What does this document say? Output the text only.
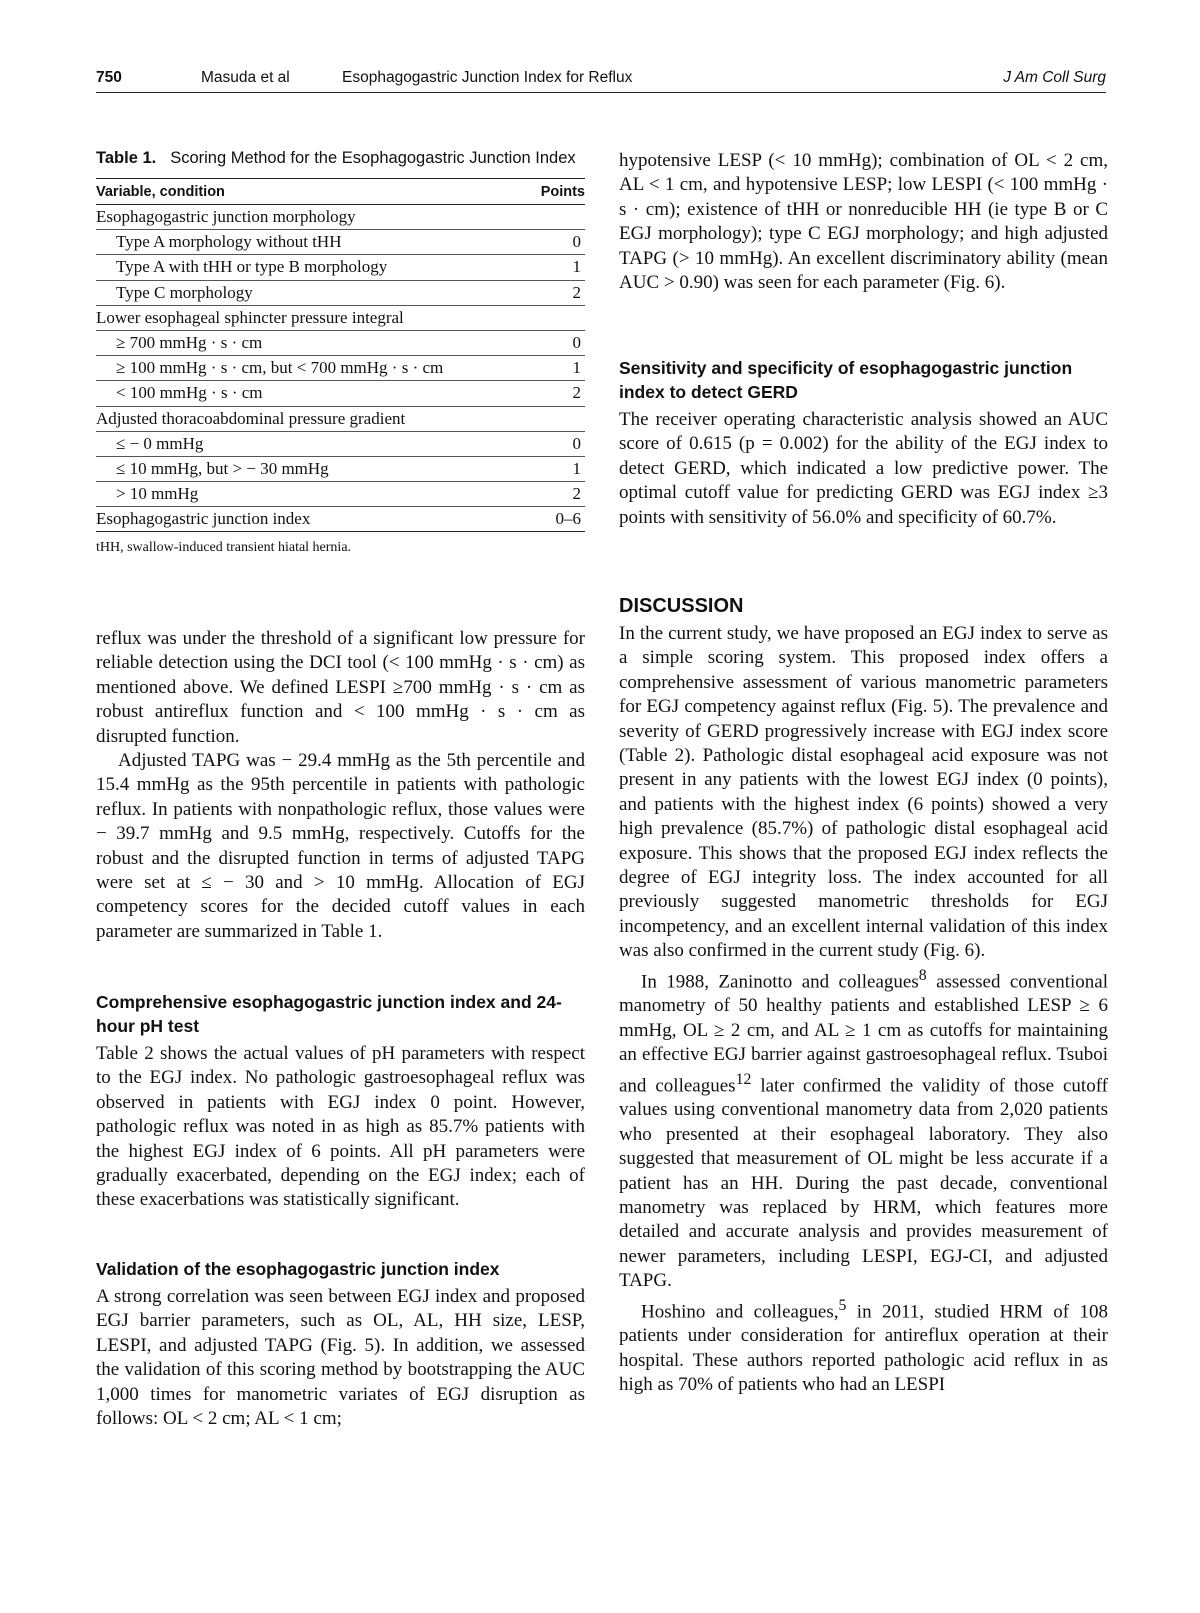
750	Masuda et al	Esophagogastric Junction Index for Reflux	J Am Coll Surg
Table 1. Scoring Method for the Esophagogastric Junction Index
Variable, condition	Points
Esophagogastric junction morphology	
Type A morphology without tHH	0
Type A with tHH or type B morphology	1
Type C morphology	2
Lower esophageal sphincter pressure integral	
≥ 700 mmHg · s · cm	0
≥ 100 mmHg · s · cm, but < 700 mmHg · s · cm	1
< 100 mmHg · s · cm	2
Adjusted thoracoabdominal pressure gradient	
≤ − 0 mmHg	0
≤ 10 mmHg, but > − 30 mmHg	1
> 10 mmHg	2
Esophagogastric junction index	0–6
tHH, swallow-induced transient hiatal hernia.

reflux was under the threshold of a significant low pressure for reliable detection using the DCI tool (< 100 mmHg · s · cm) as mentioned above. We defined LESPI ≥700 mmHg · s · cm as robust antireflux function and < 100 mmHg · s · cm as disrupted function.

Adjusted TAPG was − 29.4 mmHg as the 5th percentile and 15.4 mmHg as the 95th percentile in patients with pathologic reflux. In patients with nonpathologic reflux, those values were − 39.7 mmHg and 9.5 mmHg, respectively. Cutoffs for the robust and the disrupted function in terms of adjusted TAPG were set at ≤ − 30 and > 10 mmHg. Allocation of EGJ competency scores for the decided cutoff values in each parameter are summarized in Table 1.

Comprehensive esophagogastric junction index and 24-hour pH test

Table 2 shows the actual values of pH parameters with respect to the EGJ index. No pathologic gastroesophageal reflux was observed in patients with EGJ index 0 point. However, pathologic reflux was noted in as high as 85.7% patients with the highest EGJ index of 6 points. All pH parameters were gradually exacerbated, depending on the EGJ index; each of these exacerbations was statistically significant.

Validation of the esophagogastric junction index

A strong correlation was seen between EGJ index and proposed EGJ barrier parameters, such as OL, AL, HH size, LESP, LESPI, and adjusted TAPG (Fig. 5). In addition, we assessed the validation of this scoring method by bootstrapping the AUC 1,000 times for manometric variates of EGJ disruption as follows: OL < 2 cm; AL < 1 cm;

hypotensive LESP (< 10 mmHg); combination of OL < 2 cm, AL < 1 cm, and hypotensive LESP; low LESPI (< 100 mmHg · s · cm); existence of tHH or nonreducible HH (ie type B or C EGJ morphology); type C EGJ morphology; and high adjusted TAPG (> 10 mmHg). An excellent discriminatory ability (mean AUC > 0.90) was seen for each parameter (Fig. 6).

Sensitivity and specificity of esophagogastric junction index to detect GERD

The receiver operating characteristic analysis showed an AUC score of 0.615 (p = 0.002) for the ability of the EGJ index to detect GERD, which indicated a low predictive power. The optimal cutoff value for predicting GERD was EGJ index ≥3 points with sensitivity of 56.0% and specificity of 60.7%.

DISCUSSION

In the current study, we have proposed an EGJ index to serve as a simple scoring system. This proposed index offers a comprehensive assessment of various manometric parameters for EGJ competency against reflux (Fig. 5). The prevalence and severity of GERD progressively increase with EGJ index score (Table 2). Pathologic distal esophageal acid exposure was not present in any patients with the lowest EGJ index (0 points), and patients with the highest index (6 points) showed a very high prevalence (85.7%) of pathologic distal esophageal acid exposure. This shows that the proposed EGJ index reflects the degree of EGJ integrity loss. The index accounted for all previously suggested manometric thresholds for EGJ incompetency, and an excellent internal validation of this index was also confirmed in the current study (Fig. 6).

In 1988, Zaninotto and colleagues$^8$ assessed conventional manometry of 50 healthy patients and established LESP ≥ 6 mmHg, OL ≥ 2 cm, and AL ≥ 1 cm as cutoffs for maintaining an effective EGJ barrier against gastroesophageal reflux. Tsuboi and colleagues$^{12}$ later confirmed the validity of those cutoff values using conventional manometry data from 2,020 patients who presented at their esophageal laboratory. They also suggested that measurement of OL might be less accurate if a patient has an HH. During the past decade, conventional manometry was replaced by HRM, which features more detailed and accurate analysis and provides measurement of newer parameters, including LESPI, EGJ-CI, and adjusted TAPG.

Hoshino and colleagues,$^5$ in 2011, studied HRM of 108 patients under consideration for antireflux operation at their hospital. These authors reported pathologic acid reflux in as high as 70% of patients who had an LESPI
